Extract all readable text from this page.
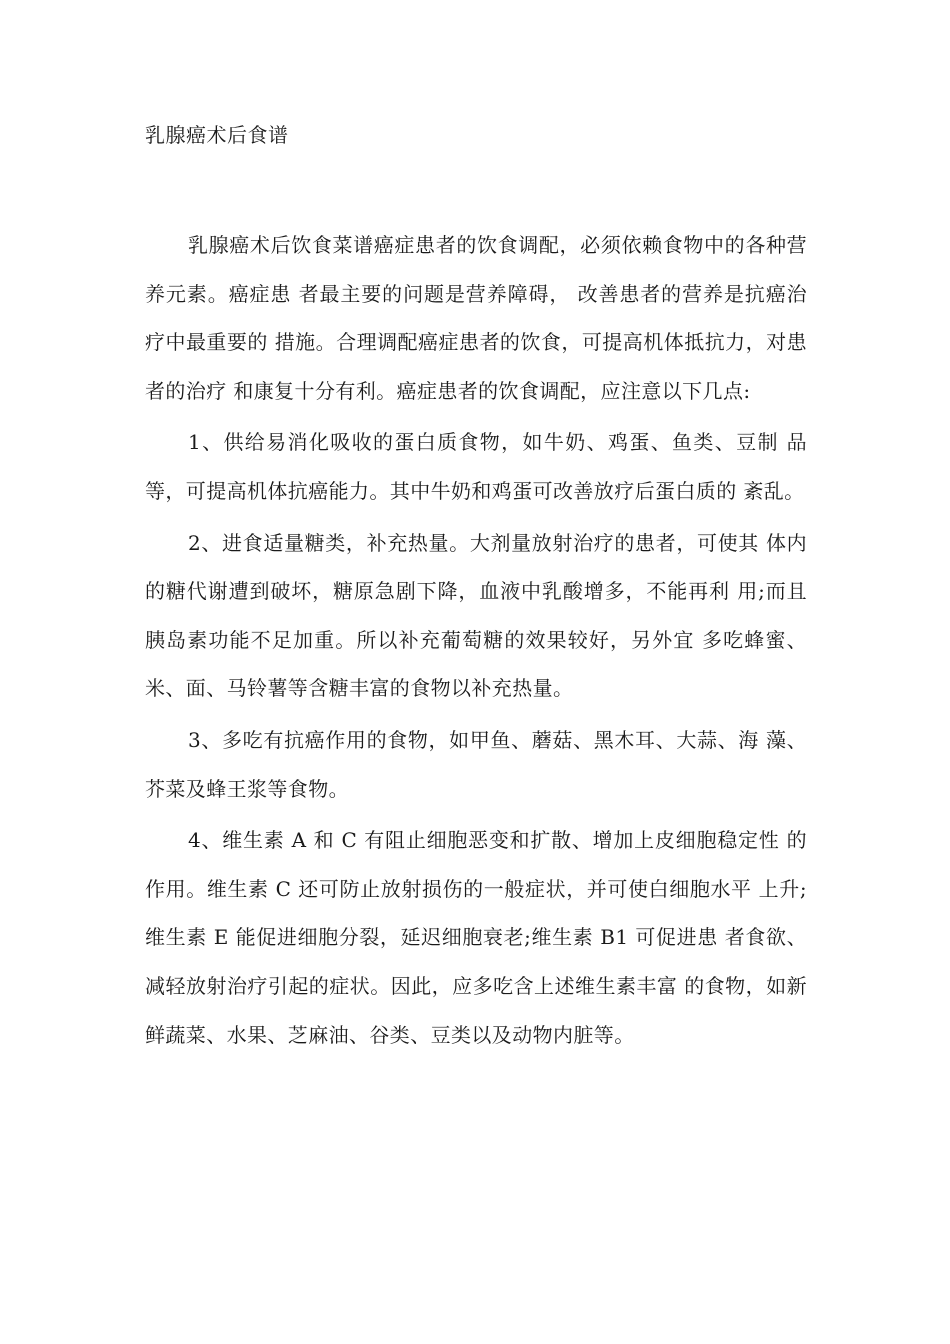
乳腺癌术后食谱

乳腺癌术后饮食菜谱癌症患者的饮食调配，必须依赖食物中的各种营养元素。癌症患 者最主要的问题是营养障碍， 改善患者的营养是抗癌治疗中最重要的 措施。合理调配癌症患者的饮食，可提高机体抵抗力，对患者的治疗 和康复十分有利。癌症患者的饮食调配，应注意以下几点:

1、供给易消化吸收的蛋白质食物，如牛奶、鸡蛋、鱼类、豆制 品等，可提高机体抗癌能力。其中牛奶和鸡蛋可改善放疗后蛋白质的 紊乱。

2、进食适量糖类，补充热量。大剂量放射治疗的患者，可使其 体内的糖代谢遭到破坏，糖原急剧下降，血液中乳酸增多，不能再利 用;而且胰岛素功能不足加重。所以补充葡萄糖的效果较好，另外宜 多吃蜂蜜、米、面、马铃薯等含糖丰富的食物以补充热量。

3、多吃有抗癌作用的食物，如甲鱼、蘑菇、黑木耳、大蒜、海 藻、芥菜及蜂王浆等食物。

4、维生素 A 和 C 有阻止细胞恶变和扩散、增加上皮细胞稳定性 的作用。维生素 C 还可防止放射损伤的一般症状，并可使白细胞水平 上升;维生素 E 能促进细胞分裂，延迟细胞衰老;维生素 B1 可促进患 者食欲、减轻放射治疗引起的症状。因此，应多吃含上述维生素丰富 的食物，如新鲜蔬菜、水果、芝麻油、谷类、豆类以及动物内脏等。
